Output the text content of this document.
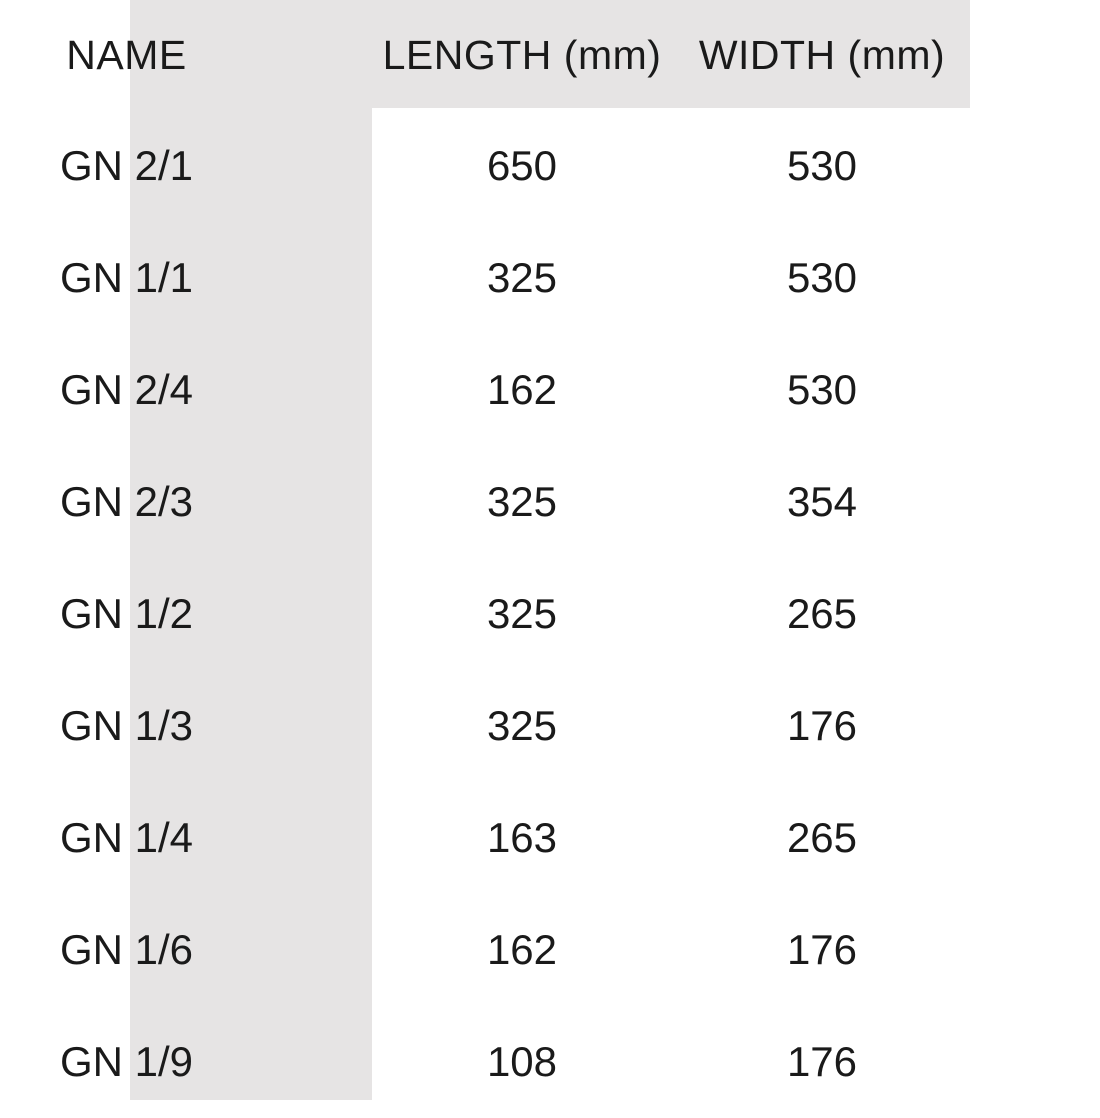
NAME	LENGTH (mm)	WIDTH (mm)	
GN 2/1	650	530	
GN 1/1	325	530	
GN 2/4	162	530	
GN 2/3	325	354	
GN 1/2	325	265	
GN 1/3	325	176	
GN 1/4	163	265	
GN 1/6	162	176	
GN 1/9	108	176	
